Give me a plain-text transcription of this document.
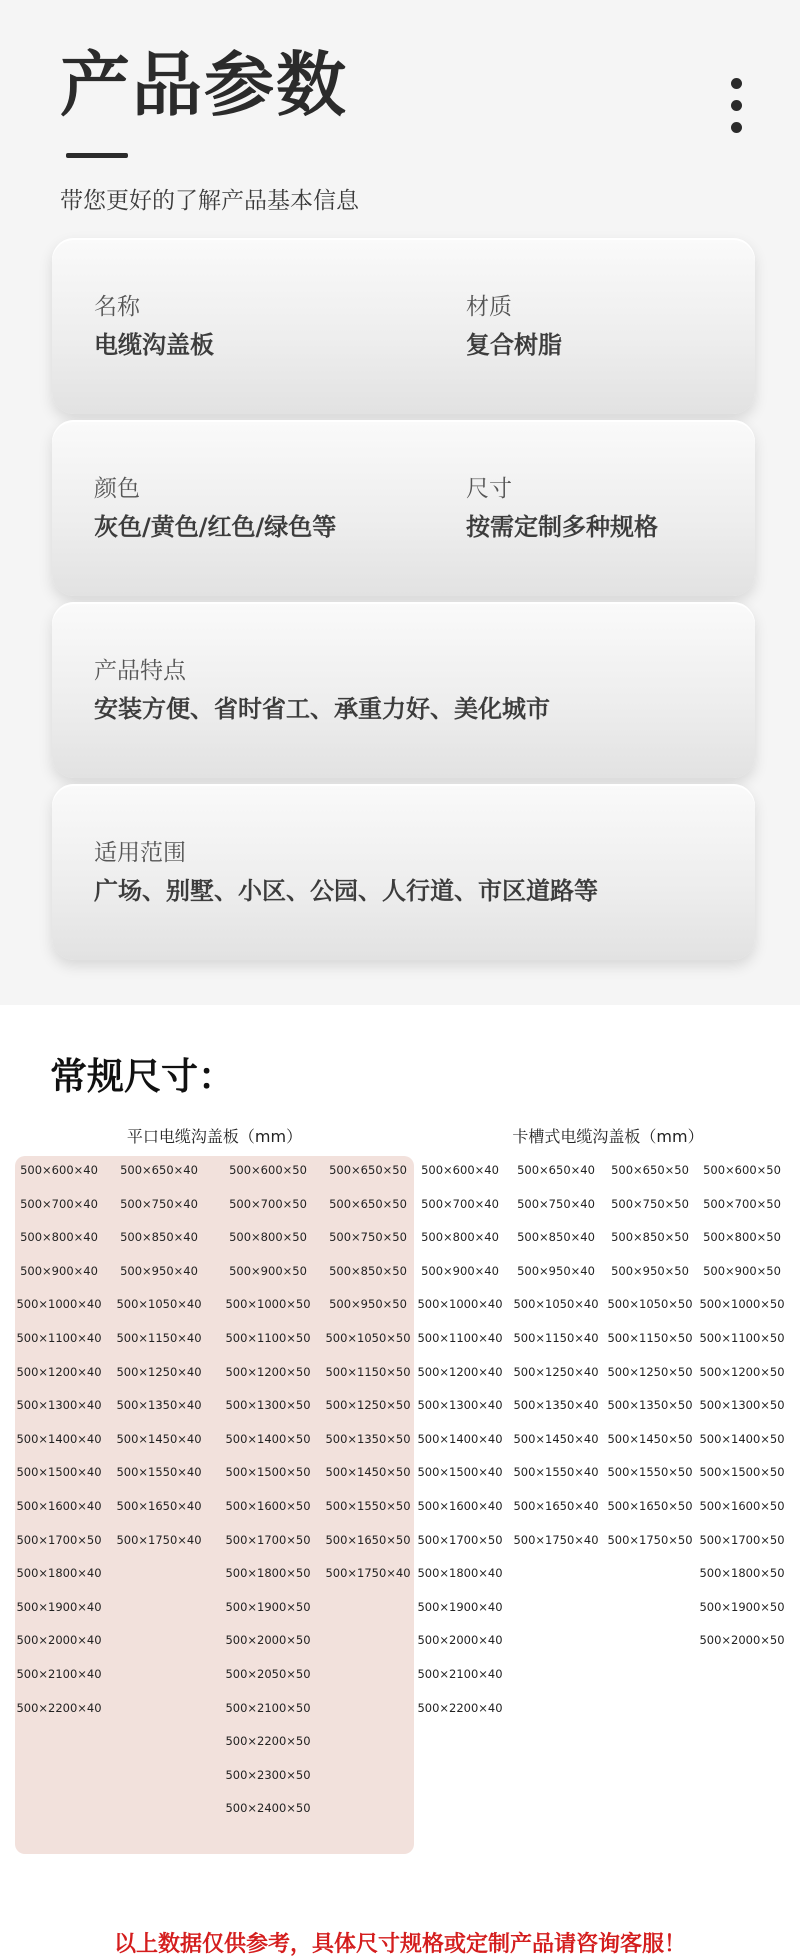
产品参数
带您更好的了解产品基本信息
名称
电缆沟盖板
材质
复合树脂
颜色
灰色/黄色/红色/绿色等
尺寸
按需定制多种规格
产品特点
安装方便、省时省工、承重力好、美化城市
适用范围
广场、别墅、小区、公园、人行道、市区道路等
常规尺寸：
平口电缆沟盖板（mm）	卡槽式电缆沟盖板（mm）
500×600×40
500×700×40
500×800×40
500×900×40
500×1000×40
500×1100×40
500×1200×40
500×1300×40
500×1400×40
500×1500×40
500×1600×40
500×1700×50
500×1800×40
500×1900×40
500×2000×40
500×2100×40
500×2200×40
500×650×40
500×750×40
500×850×40
500×950×40
500×1050×40
500×1150×40
500×1250×40
500×1350×40
500×1450×40
500×1550×40
500×1650×40
500×1750×40
500×600×50
500×700×50
500×800×50
500×900×50
500×1000×50
500×1100×50
500×1200×50
500×1300×50
500×1400×50
500×1500×50
500×1600×50
500×1700×50
500×1800×50
500×1900×50
500×2000×50
500×2050×50
500×2100×50
500×2200×50
500×2300×50
500×2400×50
500×650×50
500×650×50
500×750×50
500×850×50
500×950×50
500×1050×50
500×1150×50
500×1250×50
500×1350×50
500×1450×50
500×1550×50
500×1650×50
500×1750×40
500×600×40
500×700×40
500×800×40
500×900×40
500×1000×40
500×1100×40
500×1200×40
500×1300×40
500×1400×40
500×1500×40
500×1600×40
500×1700×50
500×1800×40
500×1900×40
500×2000×40
500×2100×40
500×2200×40
500×650×40
500×750×40
500×850×40
500×950×40
500×1050×40
500×1150×40
500×1250×40
500×1350×40
500×1450×40
500×1550×40
500×1650×40
500×1750×40
500×650×50
500×750×50
500×850×50
500×950×50
500×1050×50
500×1150×50
500×1250×50
500×1350×50
500×1450×50
500×1550×50
500×1650×50
500×1750×50
500×600×50
500×700×50
500×800×50
500×900×50
500×1000×50
500×1100×50
500×1200×50
500×1300×50
500×1400×50
500×1500×50
500×1600×50
500×1700×50
500×1800×50
500×1900×50
500×2000×50
以上数据仅供参考，具体尺寸规格或定制产品请咨询客服！
